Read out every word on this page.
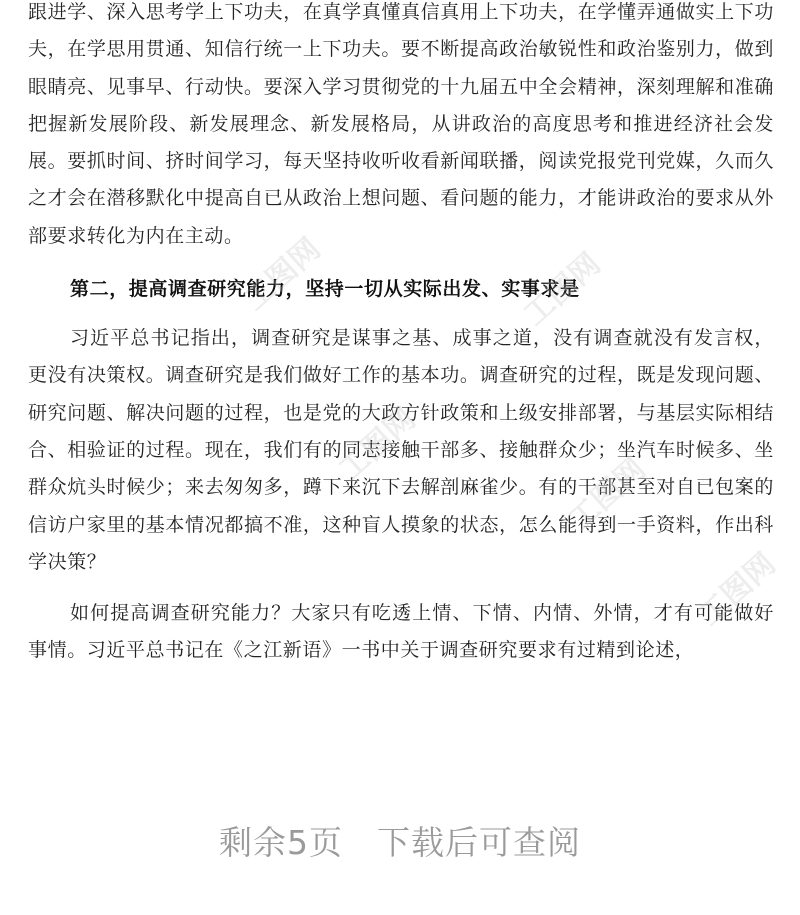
跟进学、深入思考学上下功夫，在真学真懂真信真用上下功夫，在学懂弄通做实上下功夫，在学思用贯通、知信行统一上下功夫。要不断提高政治敏锐性和政治鉴别力，做到眼睛亮、见事早、行动快。要深入学习贯彻党的十九届五中全会精神，深刻理解和准确把握新发展阶段、新发展理念、新发展格局，从讲政治的高度思考和推进经济社会发展。要抓时间、挤时间学习，每天坚持收听收看新闻联播，阅读党报党刊党媒，久而久之才会在潜移默化中提高自已从政治上想问题、看问题的能力，才能讲政治的要求从外部要求转化为内在主动。

第二，提高调查研究能力，坚持一切从实际出发、实事求是

习近平总书记指出，调查研究是谋事之基、成事之道，没有调查就没有发言权，更没有决策权。调查研究是我们做好工作的基本功。调查研究的过程，既是发现问题、研究问题、解决问题的过程，也是党的大政方针政策和上级安排部署，与基层实际相结合、相验证的过程。现在，我们有的同志接触干部多、接触群众少；坐汽车时候多、坐群众炕头时候少；来去匆匆多，蹲下来沉下去解剖麻雀少。有的干部甚至对自已包案的信访户家里的基本情况都搞不准，这种盲人摸象的状态，怎么能得到一手资料，作出科学决策？

如何提高调查研究能力？大家只有吃透上情、下情、内情、外情，才有可能做好事情。习近平总书记在《之江新语》一书中关于调查研究要求有过精到论述，

工图网	工图网
工图网
工图网
工图网
剩余5页 下载后可查阅
